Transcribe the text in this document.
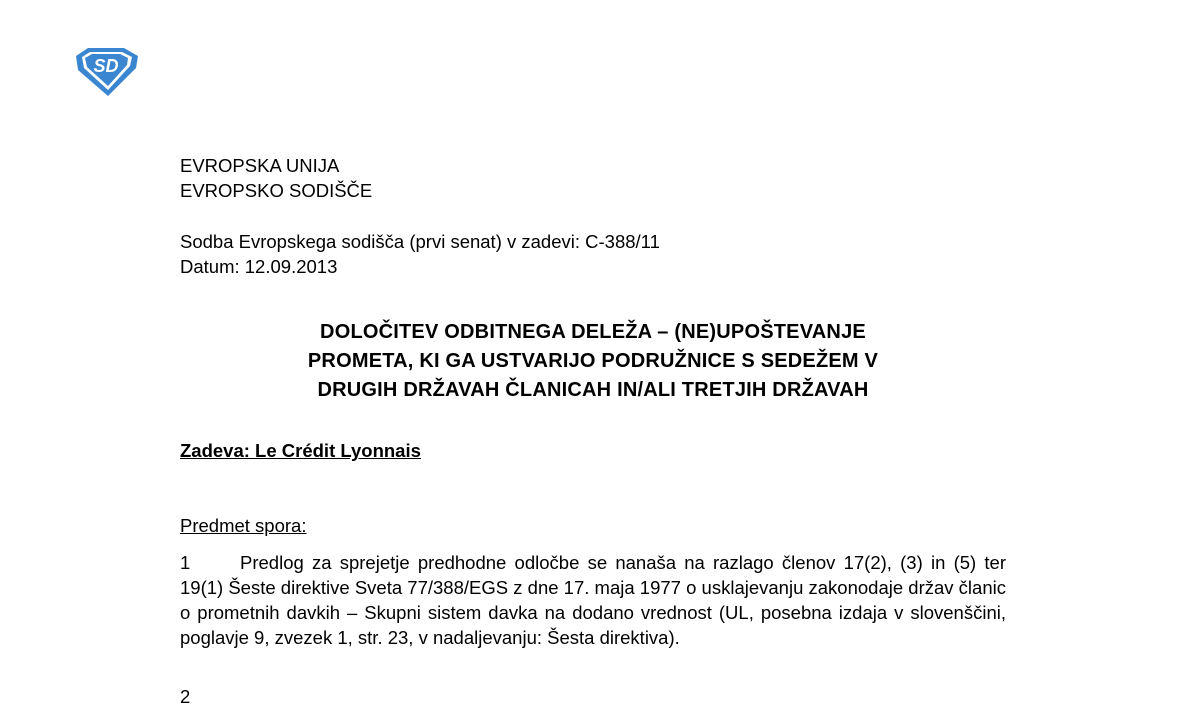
SD
EVROPSKA UNIJA
EVROPSKO SODIŠČE
Sodba Evropskega sodišča (prvi senat) v zadevi: C-388/11
Datum: 12.09.2013
DOLOČITEV ODBITNEGA DELEŽA – (NE)UPOŠTEVANJE
PROMETA, KI GA USTVARIJO PODRUŽNICE S SEDEŽEM V
DRUGIH DRŽAVAH ČLANICAH IN/ALI TRETJIH DRŽAVAH
Zadeva: Le Crédit Lyonnais
Predmet spora:
1	Predlog za sprejetje predhodne odločbe se nanaša na razlago členov 17(2), (3) in (5) ter 19(1) Šeste direktive Sveta 77/388/EGS z dne 17. maja 1977 o usklajevanju zakonodaje držav članic o prometnih davkih – Skupni sistem davka na dodano vrednost (UL, posebna izdaja v slovenščini, poglavje 9, zvezek 1, str. 23, v nadaljevanju: Šesta direktiva).
2
